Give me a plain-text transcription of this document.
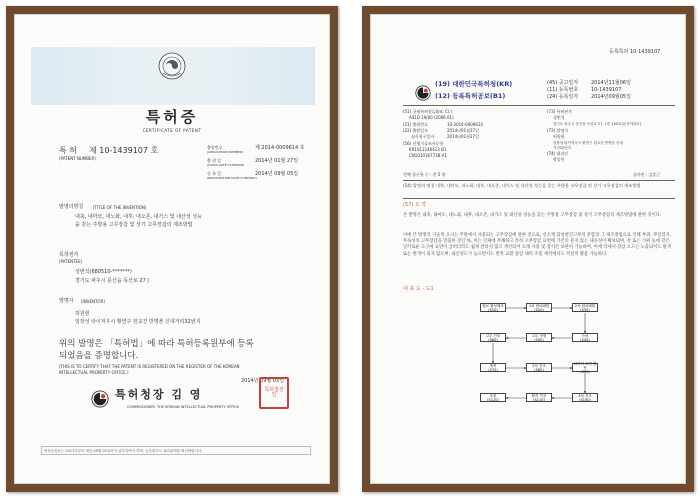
특허증
CERTIFICATE OF PATENT
특 허 제 10-1439107 호
(PATENT NUMBER)
출원번호
(APPLICATION NUMBER)
제 2014-0009614 호
출 원 일
(FILING DATE:YY/MM/DD)
2014년 01월 27일
등 록 일
(REGISTRATION DATE:YY/MM/DD)
2014년 09월 05일
발명의명칭 (TITLE OF THE INVENTION)
내축, 내마모, 내노화, 내후, 내오존, 내가스 및 내산성 성능
을 갖는 주방용 고무장갑 및 상기 고무장갑의 제조방법
특허권자
(PATENTEE)
성번석(680510-*******)
경기도 파주시 문산읍 독산로 27 (
발명자 (INVENTOR)
허원현
임장성 타이저우시 황연구 원교진 반명촌 신대거리32번지
위의 발명은 「특허법」에 따라 특허등록원부에 등록
되었음을 증명합니다.
(THIS IS TO CERTIFY THAT THE PATENT IS REGISTERED ON THE REGISTER OF THE KOREAN
INTELLECTUAL PROPERTY OFFICE.)
2014년 09월 05일
특허청장 김 영
COMMISSIONER, THE KOREAN INTELLECTUAL PROPERTY OFFICE
특허청장인
연차등록료는 2017년부터 매년 09월 05일까지 납부하여야 하며, 등록원부로 권리관계를 확인바랍니다.
등록특허 10-1439107
(19) 대한민국특허청(KR)
(12) 등록특허공보(B1)
(45) 공고일자	2014년11월06일
(11) 등록번호	10-1439107
(24) 등록일자	2014년09월05일
(51) 국제특허분류(Int. Cl.)
A41D 19/00 (2006.01)
(21) 출원번호	10-2014-0009614
(22) 출원일자	2014년01월27일
심사청구일자	2014년01월27일
(56) 선행기술조사문헌
KR1011146413 B1
CN101016773B A1
(73) 특허권자
성번석
경기도 파주시 문산읍 독산로 27, 1층 100호(문산아파트)
(72) 발명자
허원현
임장성 타이저우시 황연구 원교진 반명촌 신대
거리32번지
(74) 대리인
박종민
전체 청구항 수 : 총 5 항	심사관 : 김종근
(54) 발명의 명칭 내축, 내마모, 내노화, 내후, 내오존, 내가스 및 내산성 성능을 갖는 주방용 고무장갑 및 상기 고무장갑의 제조방법
(57) 요 약
본 발명은 내축, 내마모, 내노화, 내후, 내오존, 내가스 및 내산성 성능을 갖는 주방용 고무장갑 및 상기 고무장갑의 제조방법에 관한 것이다.
이에 본 발명의 기술적 요지는 주방에서 사용되는 고무장갑에 관한 것으로, 신소재 합성천연고무의 혼합과 그 제조방법으로 인해 부취, 무알러지, 무독성의 고무장갑을 연출한 것인 바, 이는 인체에 무해하고 특히 고무장갑 표면에 기존의 분지 않는 내유성이 확보되며, 잔 또는 가위 등에 같은 날카로운 도구에 표면이 긁히더라도 쉽게 갈라지 않고 생산되어 오래 사용 및 장기간 보관이 가능하며, 이에 악세서 장갑 오르는 노출되어도 탈색 또는 변색이 되지 않으며, 내산성도가 높으면서도 반복 교환 장갑 대비 조밀 세척에서도 적절히 활용 가능하다.
대 표 도 - 도1
원료 합성제조
(S10)
1차 원료배합
(S20)
2차 원료배합
(S30)
숙성
(S40)
고무 성형
(S50)
고무 건조
(S60)
세척
(S70)
2차 건조
(S80)
타이어 표면 합성
(S90)
3차 건조
(S100)
탈지 가공
(S110)
포장
(S120)
